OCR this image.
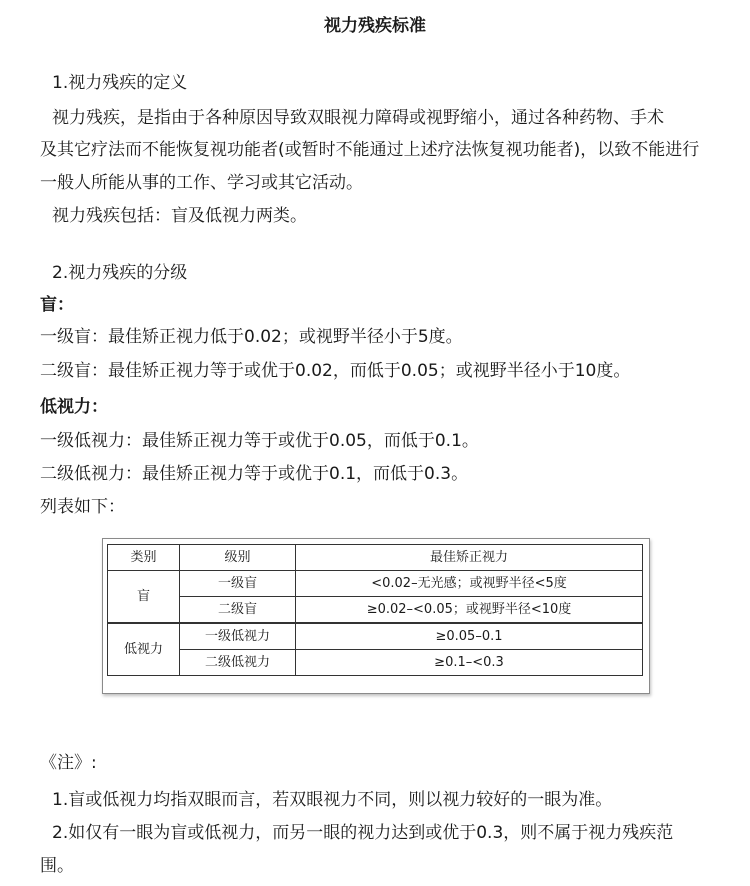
视力残疾标准
1.视力残疾的定义
视力残疾，是指由于各种原因导致双眼视力障碍或视野缩小，通过各种药物、手术
及其它疗法而不能恢复视功能者(或暂时不能通过上述疗法恢复视功能者)，以致不能进行
一般人所能从事的工作、学习或其它活动。
视力残疾包括：盲及低视力两类。
2.视力残疾的分级
盲：
一级盲：最佳矫正视力低于0.02；或视野半径小于5度。
二级盲：最佳矫正视力等于或优于0.02，而低于0.05；或视野半径小于10度。
低视力：
一级低视力：最佳矫正视力等于或优于0.05，而低于0.1。
二级低视力：最佳矫正视力等于或优于0.1，而低于0.3。
列表如下：
类别	级别	最佳矫正视力
盲	一级盲	<0.02–无光感；或视野半径<5度
	二级盲	≥0.02–<0.05；或视野半径<10度
低视力	一级低视力	≥0.05–0.1
	二级低视力	≥0.1–<0.3
《注》:
1.盲或低视力均指双眼而言，若双眼视力不同，则以视力较好的一眼为准。
2.如仅有一眼为盲或低视力，而另一眼的视力达到或优于0.3，则不属于视力残疾范
围。
